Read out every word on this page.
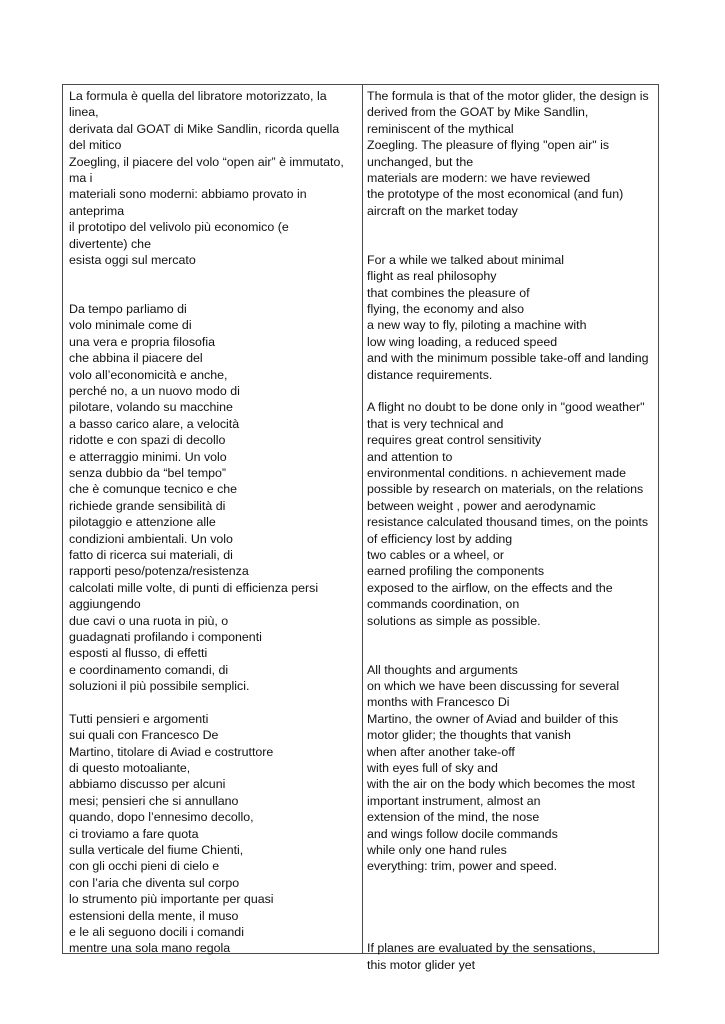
La formula è quella del libratore motorizzato, la
linea,
derivata dal GOAT di Mike Sandlin, ricorda quella
del mitico
Zoegling, il piacere del volo “open air” è immutato,
ma i
materiali sono moderni: abbiamo provato in
anteprima
il prototipo del velivolo più economico (e
divertente) che
esista oggi sul mercato
Da tempo parliamo di
volo minimale come di
una vera e propria filosofia
che abbina il piacere del
volo all’economicità e anche,
perché no, a un nuovo modo di
pilotare, volando su macchine
a basso carico alare, a velocità
ridotte e con spazi di decollo
e atterraggio minimi. Un volo
senza dubbio da “bel tempo”
che è comunque tecnico e che
richiede grande sensibilità di
pilotaggio e attenzione alle
condizioni ambientali. Un volo
fatto di ricerca sui materiali, di
rapporti peso/potenza/resistenza
calcolati mille volte, di punti di efficienza persi
aggiungendo
due cavi o una ruota in più, o
guadagnati profilando i componenti
esposti al flusso, di effetti
e coordinamento comandi, di
soluzioni il più possibile semplici.
Tutti pensieri e argomenti
sui quali con Francesco De
Martino, titolare di Aviad e costruttore
di questo motoaliante,
abbiamo discusso per alcuni
mesi; pensieri che si annullano
quando, dopo l’ennesimo decollo,
ci troviamo a fare quota
sulla verticale del fiume Chienti,
con gli occhi pieni di cielo e
con l’aria che diventa sul corpo
lo strumento più importante per quasi
estensioni della mente, il muso
e le ali seguono docili i comandi
mentre una sola mano regola
The formula is that of the motor glider, the design is
derived from the GOAT by Mike Sandlin,
reminiscent of the mythical
Zoegling. The pleasure of flying "open air" is
unchanged, but the
materials are modern: we have reviewed
the prototype of the most economical (and fun)
aircraft on the market today
For a while we talked about minimal
flight as real philosophy
that combines the pleasure of
flying, the economy and also
a new way to fly, piloting a machine with
low wing loading, a reduced speed
and with the minimum possible take-off and landing
distance requirements.
A flight no doubt to be done only in "good weather"
that is very technical and
requires great control sensitivity
and attention to
environmental conditions. n achievement made
possible by research on materials, on the relations
between weight , power and aerodynamic
resistance calculated thousand times, on the points
of efficiency lost by adding
two cables or a wheel, or
earned profiling the components
exposed to the airflow, on the effects and the
commands coordination, on
solutions as simple as possible.
All thoughts and arguments
on which we have been discussing for several
months with Francesco Di
Martino, the owner of Aviad and builder of this
motor glider; the thoughts that vanish
when after another take-off
with eyes full of sky and
with the air on the body which becomes the most
important instrument, almost an
extension of the mind, the nose
and wings follow docile commands
while only one hand rules
everything: trim, power and speed.
If planes are evaluated by the sensations,
this motor glider yet
